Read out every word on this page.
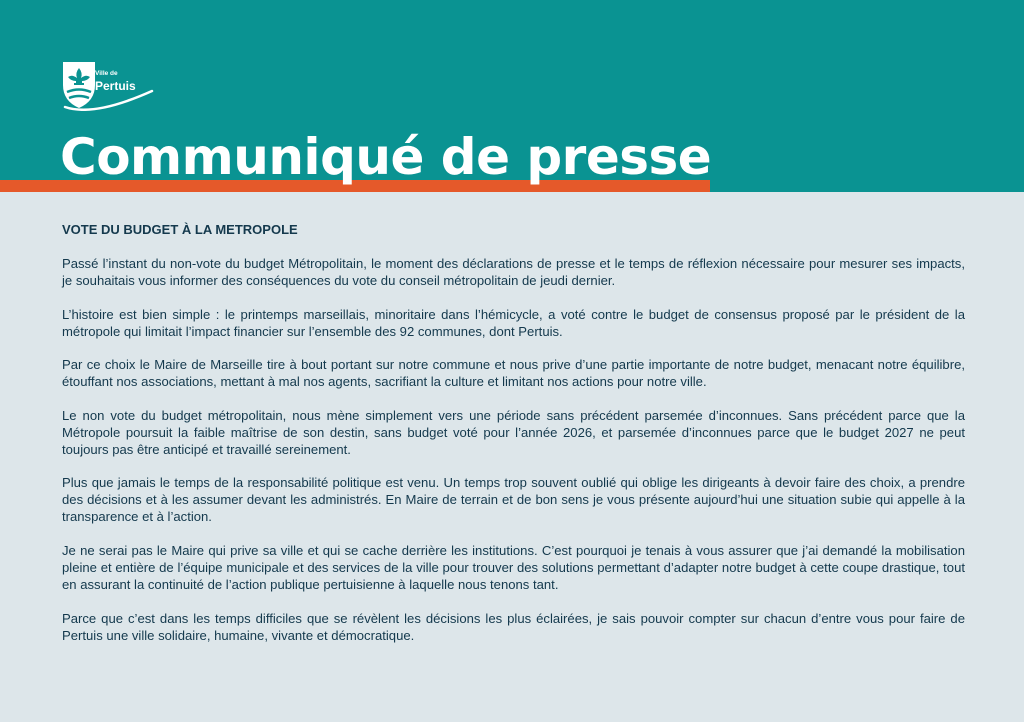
Ville de
Pertuis
Communiqué de presse

VOTE DU BUDGET À LA METROPOLE

Passé l’instant du non-vote du budget Métropolitain, le moment des déclarations de presse et le temps de réflexion nécessaire pour mesurer ses impacts, je souhaitais vous informer des conséquences du vote du conseil métropolitain de jeudi dernier.

L’histoire est bien simple : le printemps marseillais, minoritaire dans l’hémicycle, a voté contre le budget de consensus proposé par le président de la métropole qui limitait l’impact financier sur l’ensemble des 92 communes, dont Pertuis.

Par ce choix le Maire de Marseille tire à bout portant sur notre commune et nous prive d’une partie importante de notre budget, menacant notre équilibre, étouffant nos associations, mettant à mal nos agents, sacrifiant la culture et limitant nos actions pour notre ville.

Le non vote du budget métropolitain, nous mène simplement vers une période sans précédent parsemée d’inconnues. Sans précédent parce que la Métropole poursuit la faible maîtrise de son destin, sans budget voté pour l’année 2026, et parsemée d’inconnues parce que le budget 2027 ne peut toujours pas être anticipé et travaillé sereinement.

Plus que jamais le temps de la responsabilité politique est venu. Un temps trop souvent oublié qui oblige les dirigeants à devoir faire des choix, a prendre des décisions et à les assumer devant les administrés. En Maire de terrain et de bon sens je vous présente aujourd’hui une situation subie qui appelle à la transparence et à l’action.

Je ne serai pas le Maire qui prive sa ville et qui se cache derrière les institutions. C’est pourquoi je tenais à vous assurer que j’ai demandé la mobilisation pleine et entière de l’équipe municipale et des services de la ville pour trouver des solutions permettant d’adapter notre budget à cette coupe drastique, tout en assurant la continuité de l’action publique pertuisienne à laquelle nous tenons tant.

Parce que c’est dans les temps difficiles que se révèlent les décisions les plus éclairées, je sais pouvoir compter sur chacun d’entre vous pour faire de Pertuis une ville solidaire, humaine, vivante et démocratique.
